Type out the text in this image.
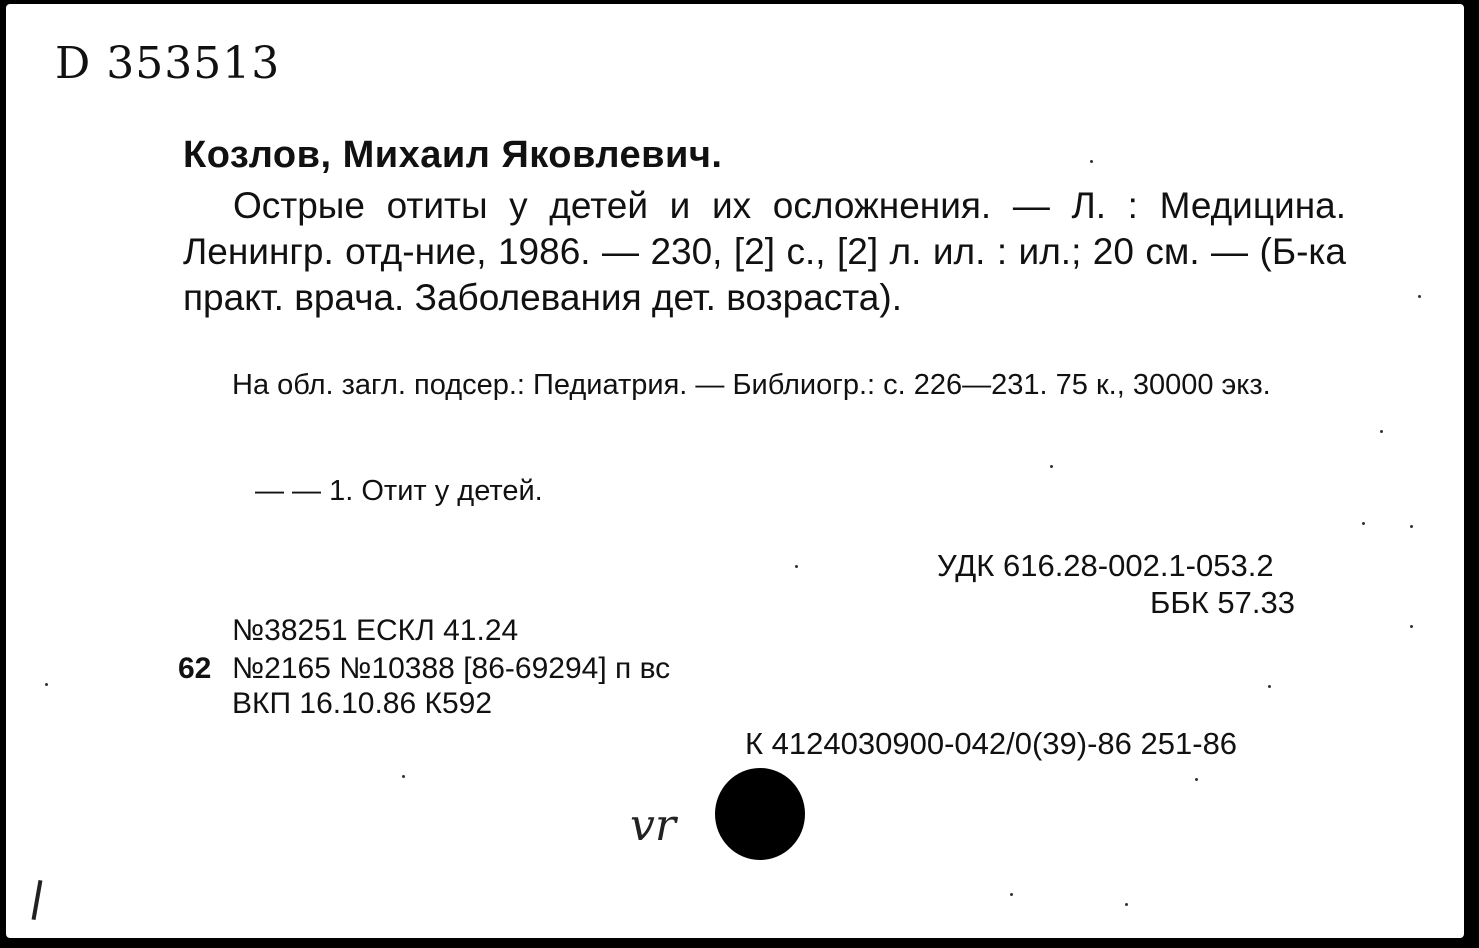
D 353513
Козлов, Михаил Яковлевич.
Острые отиты у детей и их осложнения. — Л. : Медицина. Ленингр. отд-ние, 1986. — 230, [2] с., [2] л. ил. : ил.; 20 см. — (Б-ка практ. врача. Заболевания дет. возраста).
На обл. загл. подсер.: Педиатрия. — Библиогр.: с. 226—231. 75 к., 30000 экз.
— — 1. Отит у детей.
УДК 616.28-002.1-053.2
ББК 57.33
№38251 ЕСКЛ 41.24
62 №2165 №10388 [86-69294] п вс
ВКП 16.10.86 К592
К 4124030900-042/0(39)-86 251-86
vr
